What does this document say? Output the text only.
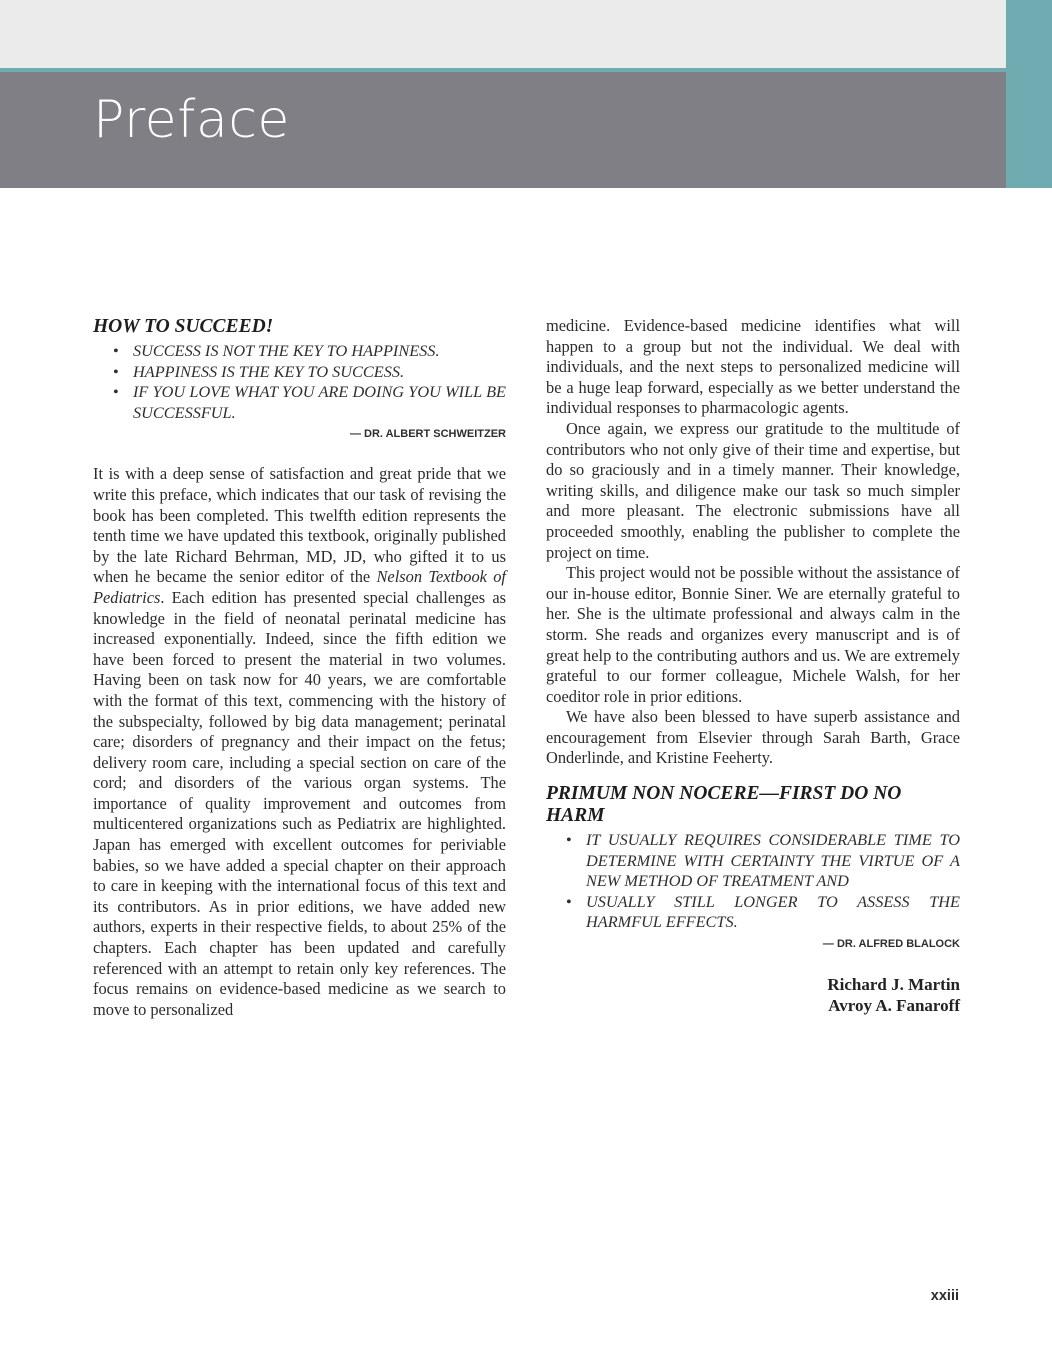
Preface
HOW TO SUCCEED!
• SUCCESS IS NOT THE KEY TO HAPPINESS.
• HAPPINESS IS THE KEY TO SUCCESS.
• IF YOU LOVE WHAT YOU ARE DOING YOU WILL BE SUCCESSFUL.

— DR. ALBERT SCHWEITZER

It is with a deep sense of satisfaction and great pride that we write this preface, which indicates that our task of revising the book has been completed. This twelfth edition represents the tenth time we have updated this textbook, originally published by the late Richard Behrman, MD, JD, who gifted it to us when he became the senior editor of the Nelson Textbook of Pediatrics. Each edition has presented special challenges as knowledge in the field of neonatal perinatal medicine has increased exponentially. Indeed, since the fifth edition we have been forced to present the material in two volumes. Having been on task now for 40 years, we are comfortable with the format of this text, commencing with the history of the subspecialty, followed by big data management; perinatal care; disorders of pregnancy and their impact on the fetus; delivery room care, including a special section on care of the cord; and disorders of the various organ systems. The importance of quality improvement and outcomes from multicentered organizations such as Pediatrix are highlighted. Japan has emerged with excellent outcomes for periviable babies, so we have added a special chapter on their approach to care in keeping with the international focus of this text and its contributors. As in prior editions, we have added new authors, experts in their respective fields, to about 25% of the chapters. Each chapter has been updated and carefully referenced with an attempt to retain only key references. The focus remains on evidence-based medicine as we search to move to personalized

medicine. Evidence-based medicine identifies what will happen to a group but not the individual. We deal with individuals, and the next steps to personalized medicine will be a huge leap forward, especially as we better understand the individual responses to pharmacologic agents.

Once again, we express our gratitude to the multitude of contributors who not only give of their time and expertise, but do so graciously and in a timely manner. Their knowledge, writing skills, and diligence make our task so much simpler and more pleasant. The electronic submissions have all proceeded smoothly, enabling the publisher to complete the project on time.

This project would not be possible without the assistance of our in-house editor, Bonnie Siner. We are eternally grateful to her. She is the ultimate professional and always calm in the storm. She reads and organizes every manuscript and is of great help to the contributing authors and us. We are extremely grateful to our former colleague, Michele Walsh, for her coeditor role in prior editions.

We have also been blessed to have superb assistance and encouragement from Elsevier through Sarah Barth, Grace Onderlinde, and Kristine Feeherty.

PRIMUM NON NOCERE—FIRST DO NO HARM
• IT USUALLY REQUIRES CONSIDERABLE TIME TO DETERMINE WITH CERTAINTY THE VIRTUE OF A NEW METHOD OF TREATMENT AND
• USUALLY STILL LONGER TO ASSESS THE HARMFUL EFFECTS.

— DR. ALFRED BLALOCK

Richard J. Martin
Avroy A. Fanaroff
xxiii
